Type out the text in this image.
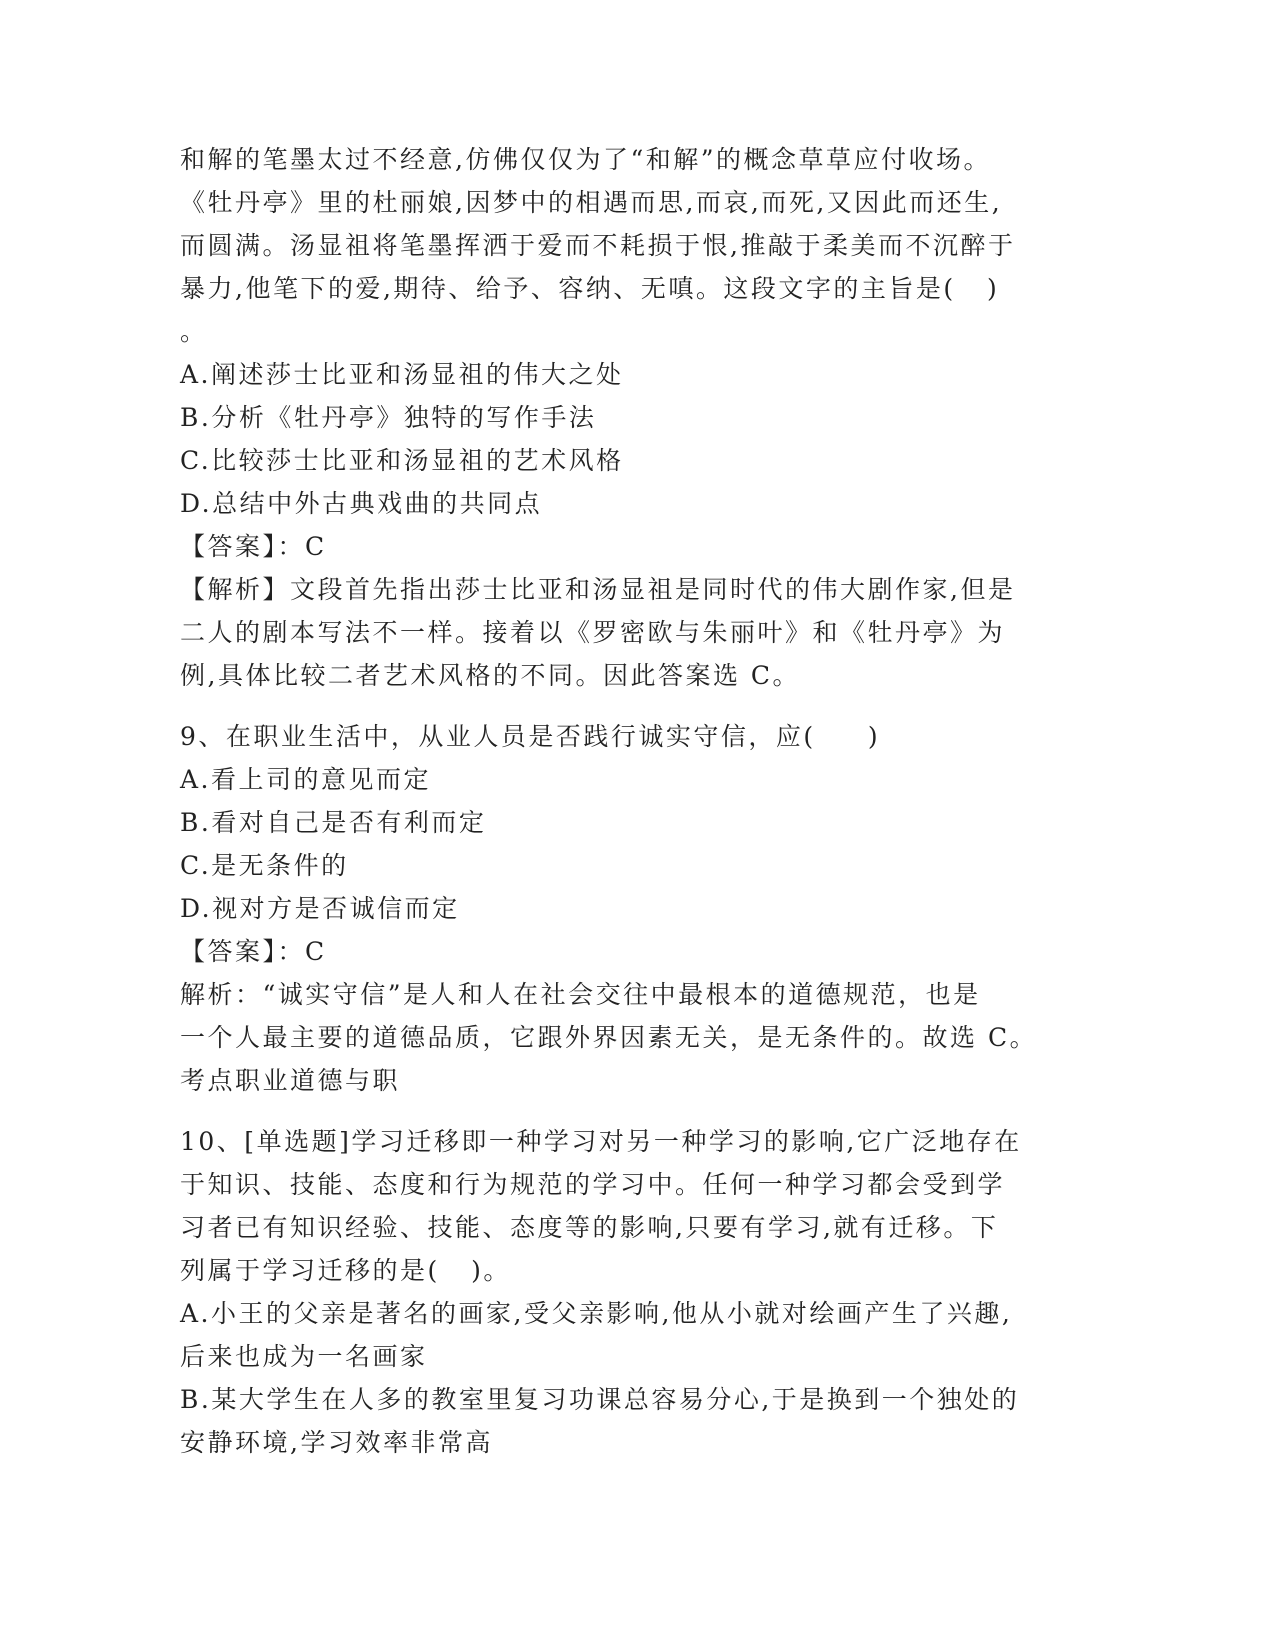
和解的笔墨太过不经意,仿佛仅仅为了“和解”的概念草草应付收场。
《牡丹亭》里的杜丽娘,因梦中的相遇而思,而哀,而死,又因此而还生,
而圆满。汤显祖将笔墨挥洒于爱而不耗损于恨,推敲于柔美而不沉醉于
暴力,他笔下的爱,期待、给予、容纳、无嗔。这段文字的主旨是(   )
。
A.阐述莎士比亚和汤显祖的伟大之处
B.分析《牡丹亭》独特的写作手法
C.比较莎士比亚和汤显祖的艺术风格
D.总结中外古典戏曲的共同点
【答案】：C
【解析】文段首先指出莎士比亚和汤显祖是同时代的伟大剧作家,但是
二人的剧本写法不一样。接着以《罗密欧与朱丽叶》和《牡丹亭》为
例,具体比较二者艺术风格的不同。因此答案选 C。
9、在职业生活中，从业人员是否践行诚实守信，应(     )
A.看上司的意见而定
B.看对自己是否有利而定
C.是无条件的
D.视对方是否诚信而定
【答案】：C
解析：“诚实守信”是人和人在社会交往中最根本的道德规范，也是
一个人最主要的道德品质，它跟外界因素无关，是无条件的。故选 C。
考点职业道德与职
10、[单选题]学习迁移即一种学习对另一种学习的影响,它广泛地存在
于知识、技能、态度和行为规范的学习中。任何一种学习都会受到学
习者已有知识经验、技能、态度等的影响,只要有学习,就有迁移。下
列属于学习迁移的是(   )。
A.小王的父亲是著名的画家,受父亲影响,他从小就对绘画产生了兴趣,
后来也成为一名画家
B.某大学生在人多的教室里复习功课总容易分心,于是换到一个独处的
安静环境,学习效率非常高
